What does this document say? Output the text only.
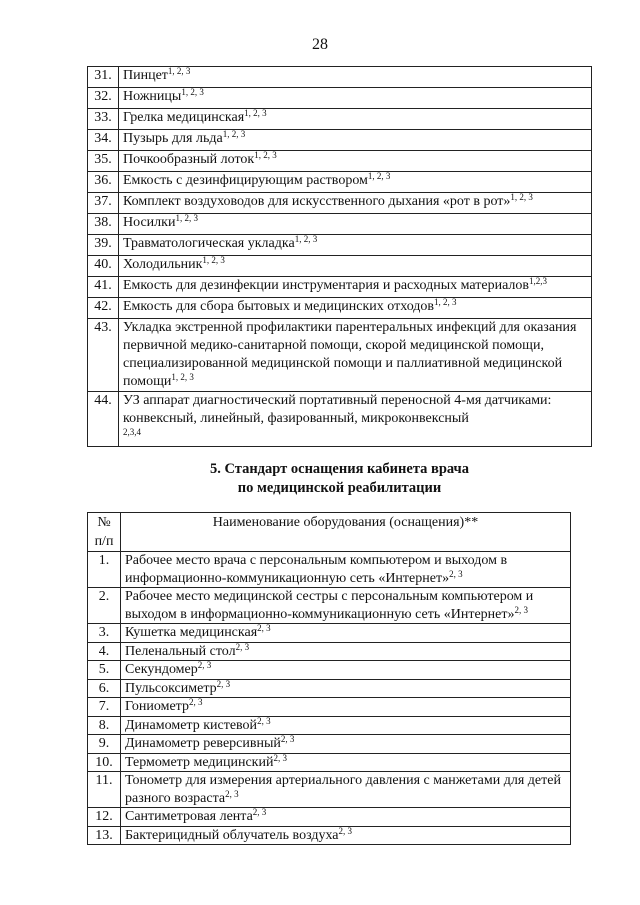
28
31.	Пинцет$^{1, 2, 3}$
32.	Ножницы$^{1, 2, 3}$
33.	Грелка медицинская$^{1, 2, 3}$
34.	Пузырь для льда$^{1, 2, 3}$
35.	Почкообразный лоток$^{1, 2, 3}$
36.	Емкость с дезинфицирующим раствором$^{1, 2, 3}$
37.	Комплект воздуховодов для искусственного дыхания «рот в рот»$^{1, 2, 3}$
38.	Носилки$^{1, 2, 3}$
39.	Травматологическая укладка$^{1, 2, 3}$
40.	Холодильник$^{1, 2, 3}$
41.	Емкость для дезинфекции инструментария и расходных материалов$^{1,2,3}$
42.	Емкость для сбора бытовых и медицинских отходов$^{1, 2, 3}$
43.	Укладка экстренной профилактики парентеральных инфекций для оказания первичной медико-санитарной помощи, скорой медицинской помощи, специализированной медицинской помощи и паллиативной медицинской помощи$^{1, 2, 3}$
44.	УЗ аппарат диагностический портативный переносной 4-мя датчиками: конвексный, линейный, фазированный, микроконвексный
$^{2,3,4}$
5. Стандарт оснащения кабинета врача
по медицинской реабилитации
№ п/п	Наименование оборудования (оснащения)**
1.	Рабочее место врача с персональным компьютером и выходом в информационно-коммуникационную сеть «Интернет»$^{2, 3}$
2.	Рабочее место медицинской сестры с персональным компьютером и выходом в информационно-коммуникационную сеть «Интернет»$^{2, 3}$
3.	Кушетка медицинская$^{2, 3}$
4.	Пеленальный стол$^{2, 3}$
5.	Секундомер$^{2, 3}$
6.	Пульсоксиметр$^{2, 3}$
7.	Гониометр$^{2, 3}$
8.	Динамометр кистевой$^{2, 3}$
9.	Динамометр реверсивный$^{2, 3}$
10.	Термометр медицинский$^{2, 3}$
11.	Тонометр для измерения артериального давления с манжетами для детей разного возраста$^{2, 3}$
12.	Сантиметровая лента$^{2, 3}$
13.	Бактерицидный облучатель воздуха$^{2, 3}$
